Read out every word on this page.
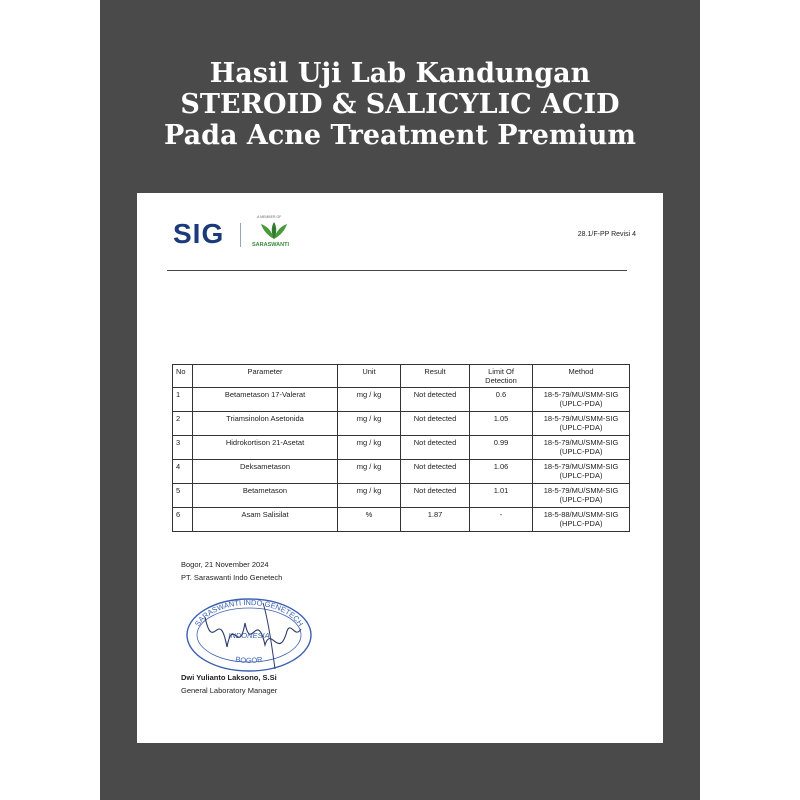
Hasil Uji Lab Kandungan
STEROID & SALICYLIC ACID
Pada Acne Treatment Premium
SIG
A MEMBER OF
SARASWANTI
28.1/F-PP Revisi 4
No	Parameter	Unit	Result	Limit Of Detection	Method
1	Betametason 17-Valerat	mg / kg	Not detected	0.6	18-5-79/MU/SMM-SIG (UPLC-PDA)
2	Triamsinolon Asetonida	mg / kg	Not detected	1.05	18-5-79/MU/SMM-SIG (UPLC-PDA)
3	Hidrokortison 21-Asetat	mg / kg	Not detected	0.99	18-5-79/MU/SMM-SIG (UPLC-PDA)
4	Deksametason	mg / kg	Not detected	1.06	18-5-79/MU/SMM-SIG (UPLC-PDA)
5	Betametason	mg / kg	Not detected	1.01	18-5-79/MU/SMM-SIG (UPLC-PDA)
6	Asam Salisilat	%	1.87	-	18-5-88/MU/SMM-SIG (HPLC-PDA)
Bogor, 21 November 2024
PT. Saraswanti Indo Genetech
SARASWANTI INDO GENETECH
INDONESIA
BOGOR
Dwi Yulianto Laksono, S.Si
General Laboratory Manager
